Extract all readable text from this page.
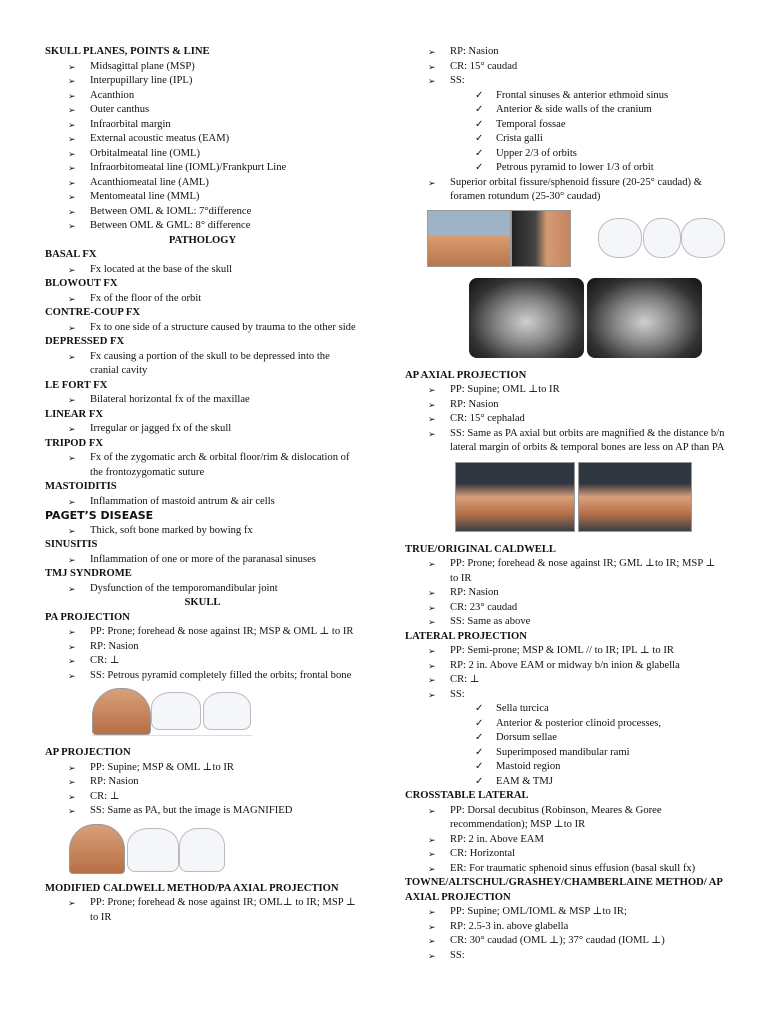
SKULL PLANES, POINTS & LINE
➢ Midsagittal plane (MSP)
➢ Interpupillary line (IPL)
➢ Acanthion
➢ Outer canthus
➢ Infraorbital margin
➢ External acoustic meatus (EAM)
➢ Orbitalmeatal line (OML)
➢ Infraorbitomeatal line (IOML)/Frankpurt Line
➢ Acanthiomeatal line (AML)
➢ Mentomeatal line (MML)
➢ Between OML & IOML: 7°difference
➢ Between OML & GML: 8° difference
PATHOLOGY
BASAL FX
➢ Fx located at the base of the skull
BLOWOUT FX
➢ Fx of the floor of the orbit
CONTRE-COUP FX
➢ Fx to one side of a structure caused by trauma to the other side
DEPRESSED FX
➢ Fx causing a portion of the skull to be depressed into the cranial cavity
LE FORT FX
➢ Bilateral horizontal fx of the maxillae
LINEAR FX
➢ Irregular or jagged fx of the skull
TRIPOD FX
➢ Fx of the zygomatic arch & orbital floor/rim & dislocation of the frontozygomatic suture
MASTOIDITIS
➢ Inflammation of mastoid antrum & air cells
PAGET’S DISEASE
➢ Thick, soft bone marked by bowing fx
SINUSITIS
➢ Inflammation of one or more of the paranasal sinuses
TMJ SYNDROME
➢ Dysfunction of the temporomandibular joint
SKULL
PA PROJECTION
➢ PP: Prone; forehead & nose against IR; MSP & OML ⊥ to IR
➢ RP: Nasion
➢ CR: ⊥
➢ SS: Petrous pyramid completely filled the orbits; frontal bone
AP PROJECTION
➢ PP: Supine; MSP & OML ⊥to IR
➢ RP: Nasion
➢ CR: ⊥
➢ SS: Same as PA, but the image is MAGNIFIED
MODIFIED CALDWELL METHOD/PA AXIAL PROJECTION
➢ PP: Prone; forehead & nose against IR; OML⊥ to IR; MSP ⊥ to IR
➢ RP: Nasion
➢ CR: 15° caudad
➢ SS:
✓ Frontal sinuses & anterior ethmoid sinus
✓ Anterior & side walls of the cranium
✓ Temporal fossae
✓ Crista galli
✓ Upper 2/3 of orbits
✓ Petrous pyramid to lower 1/3 of orbit
➢ Superior orbital fissure/sphenoid fissure (20-25° caudad) & foramen rotundum (25-30° caudad)
AP AXIAL PROJECTION
➢ PP: Supine; OML ⊥to IR
➢ RP: Nasion
➢ CR: 15° cephalad
➢ SS: Same as PA axial but orbits are magnified & the distance b/n lateral margin of orbits & temporal bones are less on AP than PA
TRUE/ORIGINAL CALDWELL
➢ PP: Prone; forehead & nose against IR; GML ⊥to IR; MSP ⊥ to IR
➢ RP: Nasion
➢ CR: 23° caudad
➢ SS: Same as above
LATERAL PROJECTION
➢ PP: Semi-prone; MSP & IOML // to IR; IPL ⊥ to IR
➢ RP: 2 in. Above EAM or midway b/n inion & glabella
➢ CR: ⊥
➢ SS:
✓ Sella turcica
✓ Anterior & posterior clinoid processes,
✓ Dorsum sellae
✓ Superimposed mandibular rami
✓ Mastoid region
✓ EAM & TMJ
CROSSTABLE LATERAL
➢ PP: Dorsal decubitus (Robinson, Meares & Goree recommendation); MSP ⊥to IR
➢ RP: 2 in. Above EAM
➢ CR: Horizontal
➢ ER: For traumatic sphenoid sinus effusion (basal skull fx)
TOWNE/ALTSCHUL/GRASHEY/CHAMBERLAINE METHOD/ AP AXIAL PROJECTION
➢ PP: Supine; OML/IOML & MSP ⊥to IR;
➢ RP: 2.5-3 in. above glabella
➢ CR: 30° caudad (OML ⊥); 37° caudad (IOML ⊥)
➢ SS:
